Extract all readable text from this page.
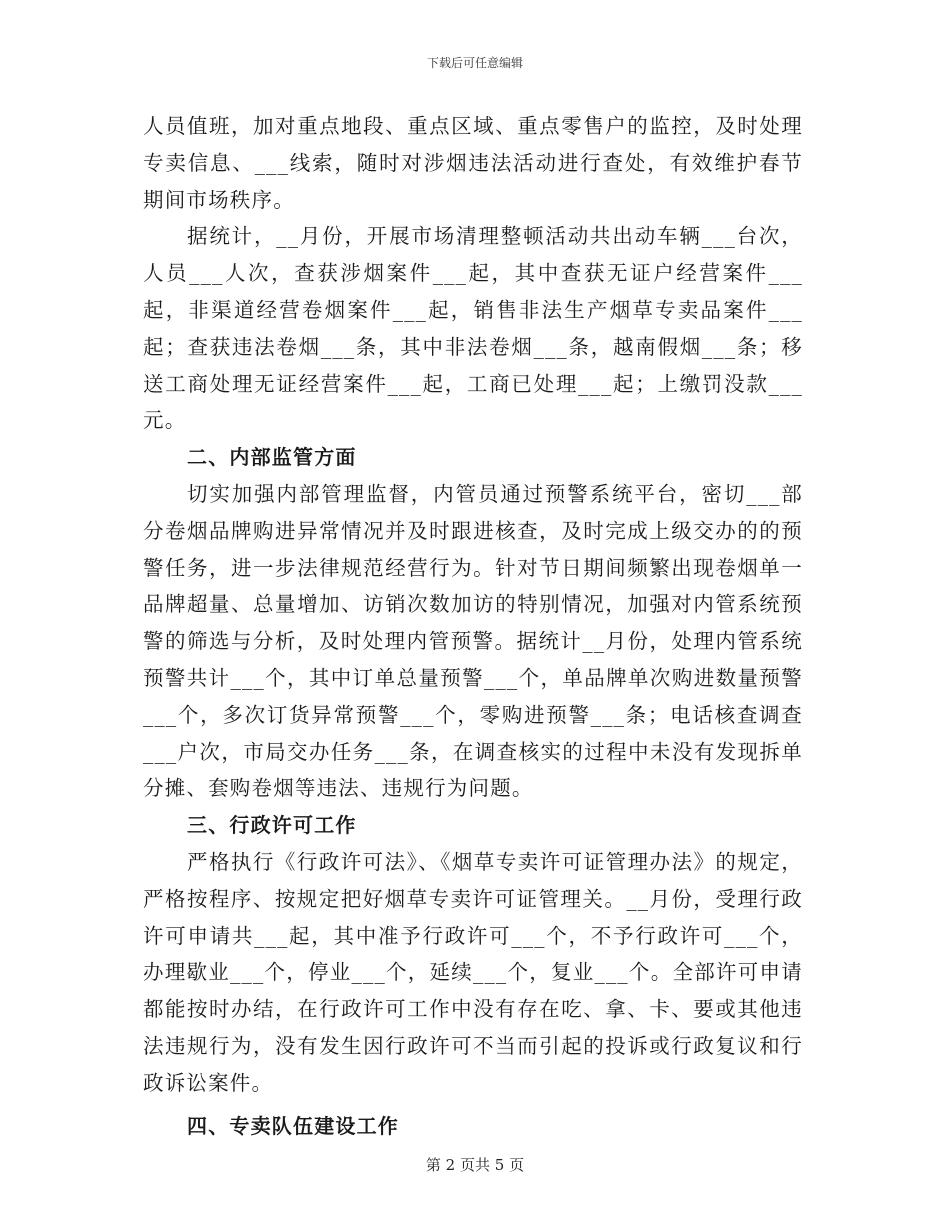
下载后可任意编辑

人员值班，加对重点地段、重点区域、重点零售户的监控，及时处理专卖信息、___线索，随时对涉烟违法活动进行查处，有效维护春节期间市场秩序。

据统计，__月份，开展市场清理整顿活动共出动车辆___台次，人员___人次，查获涉烟案件___起，其中查获无证户经营案件___起，非渠道经营卷烟案件___起，销售非法生产烟草专卖品案件___起；查获违法卷烟___条，其中非法卷烟___条，越南假烟___条；移送工商处理无证经营案件___起，工商已处理___起；上缴罚没款___元。

二、内部监管方面

切实加强内部管理监督，内管员通过预警系统平台，密切___部分卷烟品牌购进异常情况并及时跟进核查，及时完成上级交办的的预警任务，进一步法律规范经营行为。针对节日期间频繁出现卷烟单一品牌超量、总量增加、访销次数加访的特别情况，加强对内管系统预警的筛选与分析，及时处理内管预警。据统计__月份，处理内管系统预警共计___个，其中订单总量预警___个，单品牌单次购进数量预警___个，多次订货异常预警___个，零购进预警___条；电话核查调查___户次，市局交办任务___条，在调查核实的过程中未没有发现拆单分摊、套购卷烟等违法、违规行为问题。

三、行政许可工作

严格执行《行政许可法》、《烟草专卖许可证管理办法》的规定，严格按程序、按规定把好烟草专卖许可证管理关。__月份，受理行政许可申请共___起，其中准予行政许可___个，不予行政许可___个，办理歇业___个，停业___个，延续___个，复业___个。全部许可申请都能按时办结，在行政许可工作中没有存在吃、拿、卡、要或其他违法违规行为，没有发生因行政许可不当而引起的投诉或行政复议和行政诉讼案件。

四、专卖队伍建设工作

第 2 页共 5 页
